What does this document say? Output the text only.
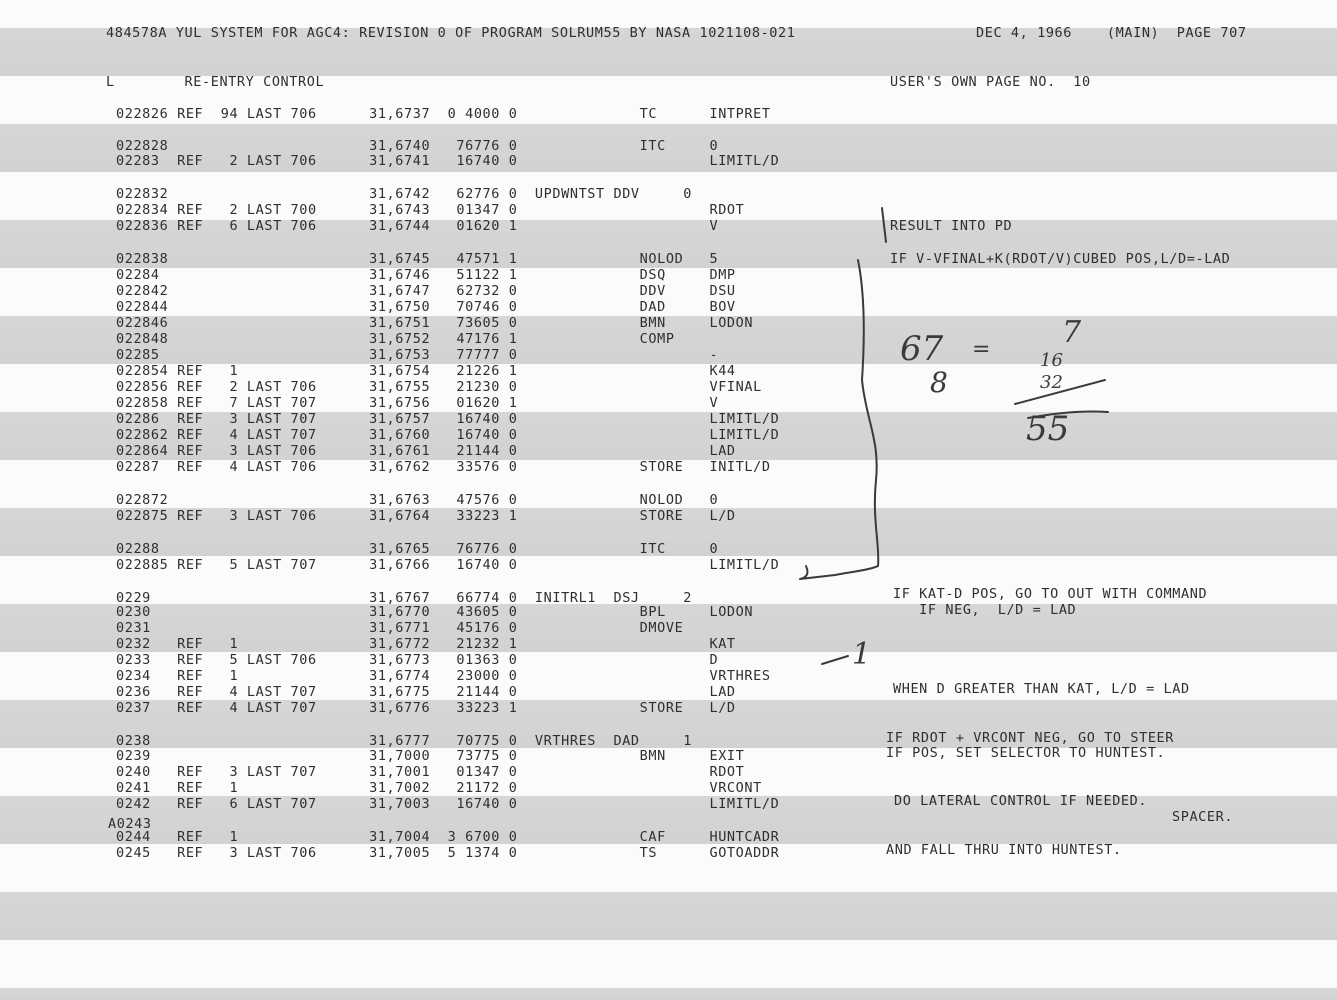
484578A YUL SYSTEM FOR AGC4: REVISION 0 OF PROGRAM SOLRUM55 BY NASA 1021108-021	DEC 4, 1966    (MAIN)  PAGE 707
L        RE-ENTRY CONTROL	USER'S OWN PAGE NO.  10
022826 REF  94 LAST 706      31,6737  0 4000 0              TC      INTPRET
022828                       31,6740   76776 0              ITC     0
02283  REF   2 LAST 706      31,6741   16740 0                      LIMITL/D
022832                       31,6742   62776 0  UPDWNTST DDV     0
022834 REF   2 LAST 700      31,6743   01347 0                      RDOT
022836 REF   6 LAST 706      31,6744   01620 1                      V
022838                       31,6745   47571 1              NOLOD   5
02284                        31,6746   51122 1              DSQ     DMP
022842                       31,6747   62732 0              DDV     DSU
022844                       31,6750   70746 0              DAD     BOV
022846                       31,6751   73605 0              BMN     LODON
022848                       31,6752   47176 1              COMP
02285                        31,6753   77777 0                      -
022854 REF   1               31,6754   21226 1                      K44
022856 REF   2 LAST 706      31,6755   21230 0                      VFINAL
022858 REF   7 LAST 707      31,6756   01620 1                      V
02286  REF   3 LAST 707      31,6757   16740 0                      LIMITL/D
022862 REF   4 LAST 707      31,6760   16740 0                      LIMITL/D
022864 REF   3 LAST 706      31,6761   21144 0                      LAD
02287  REF   4 LAST 706      31,6762   33576 0              STORE   INITL/D
022872                       31,6763   47576 0              NOLOD   0
022875 REF   3 LAST 706      31,6764   33223 1              STORE   L/D
02288                        31,6765   76776 0              ITC     0
022885 REF   5 LAST 707      31,6766   16740 0                      LIMITL/D
0229                         31,6767   66774 0  INITRL1  DSJ     2
0230                         31,6770   43605 0              BPL     LODON
0231                         31,6771   45176 0              DMOVE
0232   REF   1               31,6772   21232 1                      KAT
0233   REF   5 LAST 706      31,6773   01363 0                      D
0234   REF   1               31,6774   23000 0                      VRTHRES
0236   REF   4 LAST 707      31,6775   21144 0                      LAD
0237   REF   4 LAST 707      31,6776   33223 1              STORE   L/D
0238                         31,6777   70775 0  VRTHRES  DAD     1
0239                         31,7000   73775 0              BMN     EXIT
0240   REF   3 LAST 707      31,7001   01347 0                      RDOT
0241   REF   1               31,7002   21172 0                      VRCONT
0242   REF   6 LAST 707      31,7003   16740 0                      LIMITL/D
A0243
0244   REF   1               31,7004  3 6700 0              CAF     HUNTCADR
0245   REF   3 LAST 706      31,7005  5 1374 0              TS      GOTOADDR
RESULT INTO PD
IF V-VFINAL+K(RDOT/V)CUBED POS,L/D=-LAD
IF KAT-D POS, GO TO OUT WITH COMMAND
IF NEG,  L/D = LAD
WHEN D GREATER THAN KAT, L/D = LAD
IF RDOT + VRCONT NEG, GO TO STEER
IF POS, SET SELECTOR TO HUNTEST.
DO LATERAL CONTROL IF NEEDED.
SPACER.
AND FALL THRU INTO HUNTEST.
67 =
8
7
16
32
55
1
